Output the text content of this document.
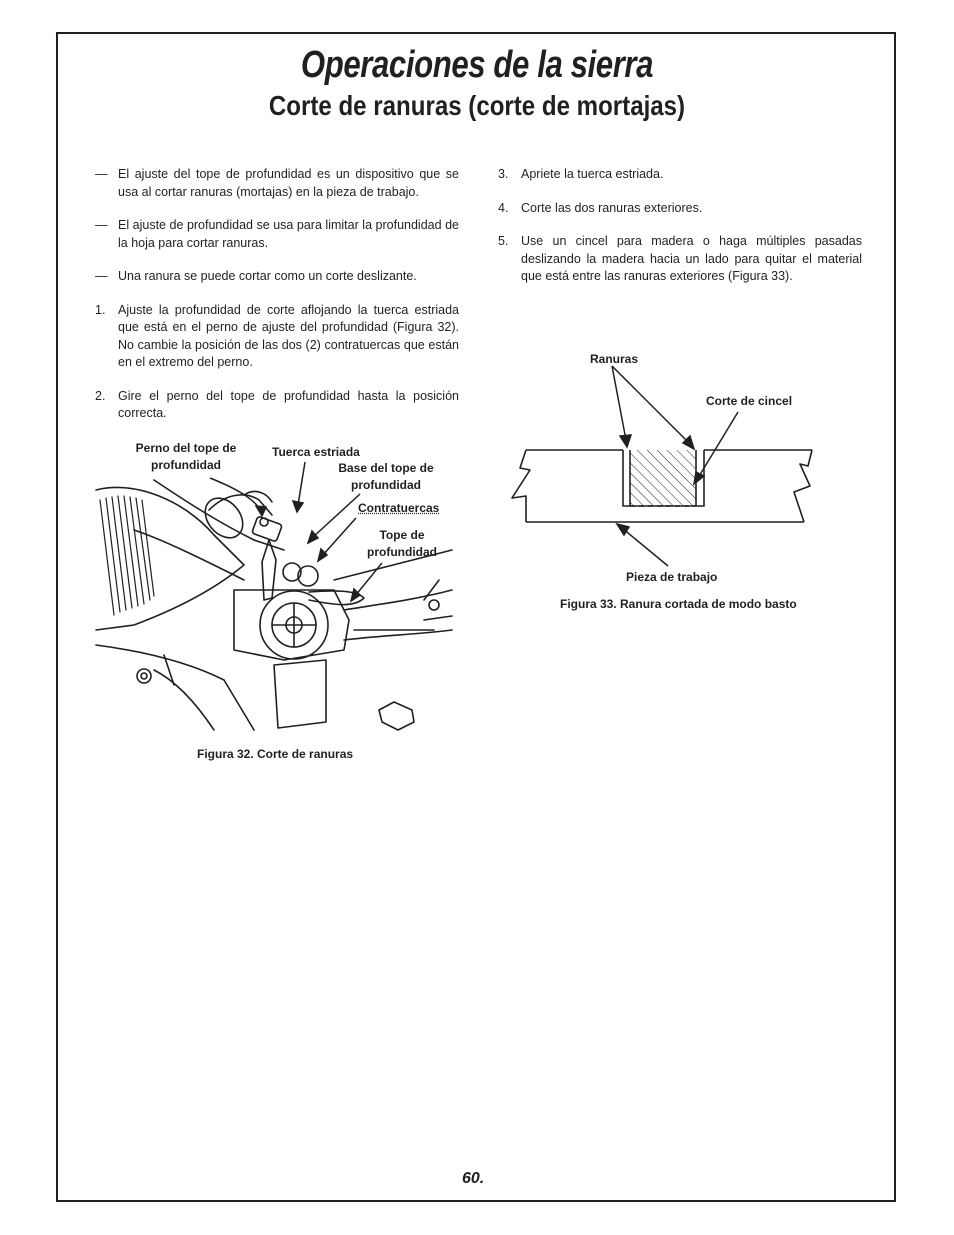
Operaciones de la sierra
Corte de ranuras (corte de mortajas)
— El ajuste del tope de profundidad es un dispositivo que se usa al cortar ranuras (mortajas) en la pieza de trabajo.
— El ajuste de profundidad se usa para limitar la profundidad de la hoja para cortar ranuras.
— Una ranura se puede cortar como un corte deslizante.
1.	Ajuste la profundidad de corte aflojando la tuerca estriada que está en el perno de ajuste del profundidad (Figura 32). No cambie la posición de las dos (2) contratuercas que están en el extremo del perno.
2.	Gire el perno del tope de profundidad hasta la posición correcta.
3.	Apriete la tuerca estriada.
4.	Corte las dos ranuras exteriores.
5.	Use un cincel para madera o haga múltiples pasadas deslizando la madera hacia un lado para quitar el material que está entre las ranuras exteriores (Figura 33).
Perno del tope de profundidad
Tuerca estriada
Base del tope de profundidad
Contratuercas
Tope de profundidad
Figura 32. Corte de ranuras
Ranuras
Corte de cincel
Pieza de trabajo
Figura 33. Ranura cortada de modo basto
60.
